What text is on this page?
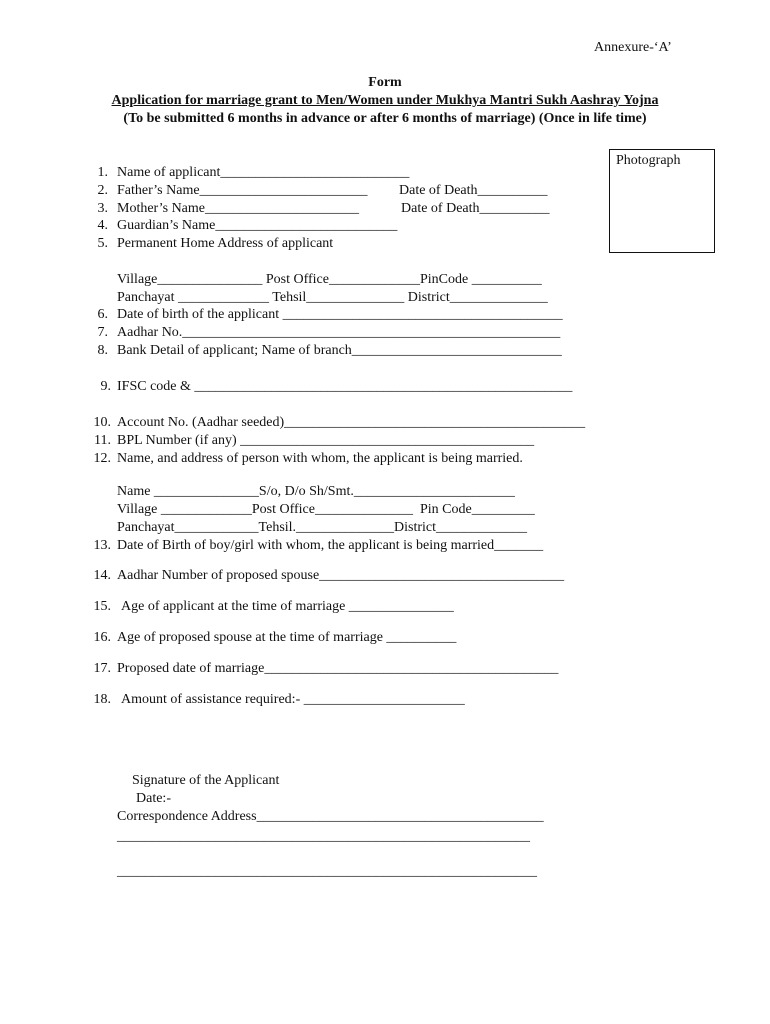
Annexure-‘A’
Form
Application for marriage grant to Men/Women under Mukhya Mantri Sukh Aashray Yojna
(To be submitted 6 months in advance or after 6 months of marriage) (Once in life time)
Photograph
1. Name of applicant___________________________
2. Father’s Name________________________ Date of Death__________
3. Mother’s Name______________________	Date of Death__________
4. Guardian’s Name__________________________
5. Permanent Home Address of applicant
Village_______________ Post Office_____________PinCode __________
Panchayat _____________ Tehsil______________ District______________
6. Date of birth of the applicant ________________________________________
7. Aadhar No.______________________________________________________
8. Bank Detail of applicant; Name of branch______________________________
9. IFSC code & ______________________________________________________
10. Account No. (Aadhar seeded)___________________________________________
11. BPL Number (if any) __________________________________________
12. Name, and address of person with whom, the applicant is being married.
Name _______________S/o, D/o Sh/Smt._______________________
Village _____________Post Office______________  Pin Code_________
Panchayat____________Tehsil.______________District_____________
13. Date of Birth of boy/girl with whom, the applicant is being married_______
14. Aadhar Number of proposed spouse___________________________________
15. Age of applicant at the time of marriage _______________
16. Age of proposed spouse at the time of marriage __________
17. Proposed date of marriage__________________________________________
18. Amount of assistance required:- _______________________
Signature of the Applicant
Date:-
Correspondence Address_________________________________________
___________________________________________________________
____________________________________________________________
